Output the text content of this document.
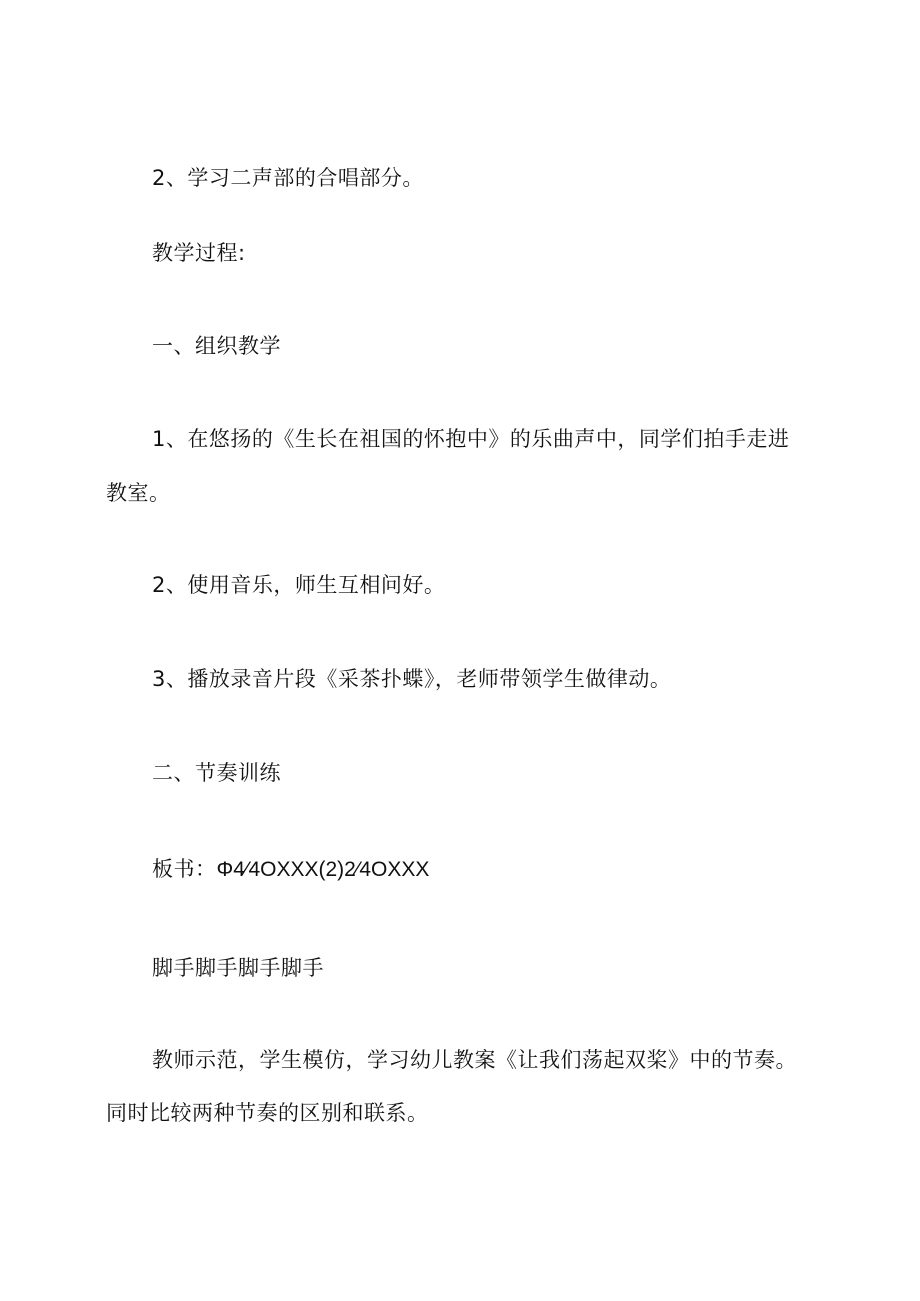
2、学习二声部的合唱部分。

教学过程:

一、组织教学

1、在悠扬的《生长在祖国的怀抱中》的乐曲声中，同学们拍手走进

教室。

2、使用音乐，师生互相问好。

3、播放录音片段《采茶扑蝶》，老师带领学生做律动。

二、节奏训练

板书：Φ4⁄4OXXX(2)2⁄4OXXX

脚手脚手脚手脚手

教师示范，学生模仿，学习幼儿教案《让我们荡起双桨》中的节奏。

同时比较两种节奏的区别和联系。
